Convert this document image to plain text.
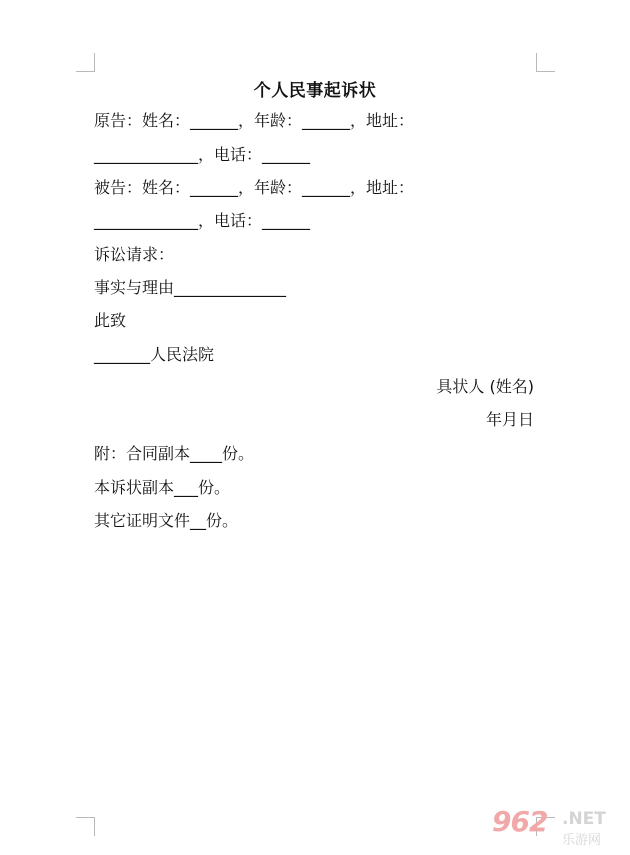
个人民事起诉状
原告：姓名：______，年龄：______，地址：
_____________，电话：______
被告：姓名：______，年龄：______，地址：
_____________，电话：______
诉讼请求：
事实与理由______________
此致
_______人民法院
具状人 (姓名)
年月日
附：合同副本____份。
本诉状副本___份。
其它证明文件__份。
962 .NET
乐游网
